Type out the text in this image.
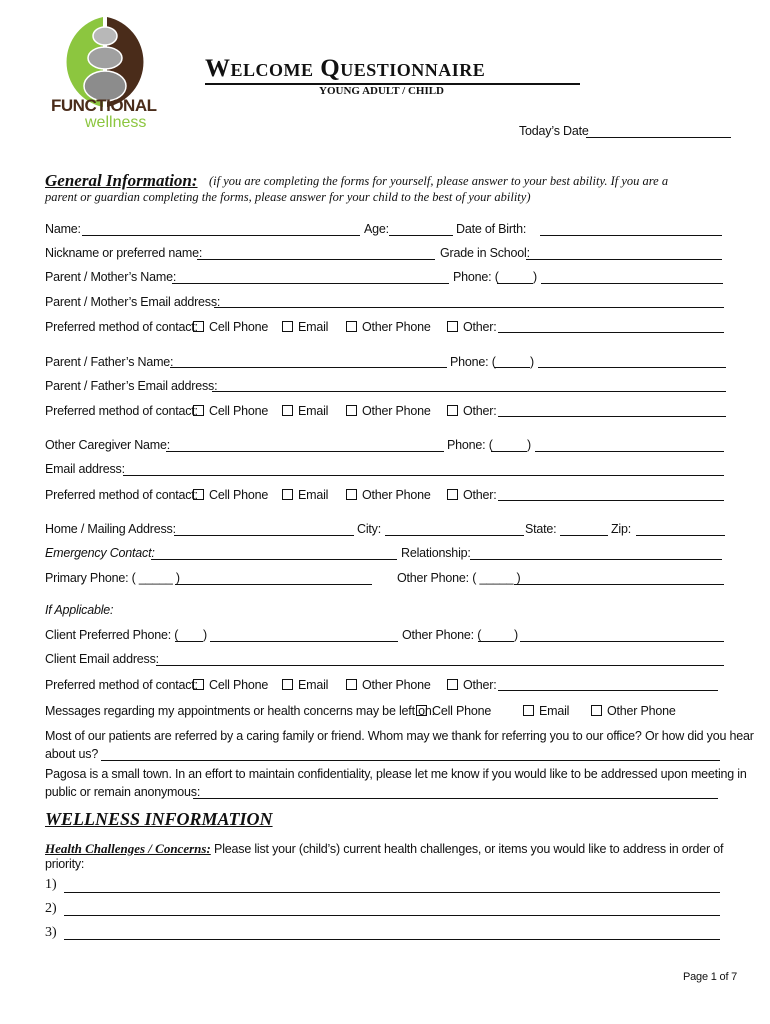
FUNCTIONAL
wellness
Welcome Questionnaire
YOUNG ADULT / CHILD
Today’s Date
General Information: (if you are completing the forms for yourself, please answer to your best ability. If you are a
parent or guardian completing the forms, please answer for your child to the best of your ability)
Name:	Age:	Date of Birth:
Nickname or preferred name:	Grade in School:
Parent / Mother’s Name:	Phone: (	)
Parent / Mother’s Email address:
Preferred method of contact: Cell Phone	Email	Other Phone	Other:
Parent / Father’s Name:	Phone: (	)
Parent / Father’s Email address:
Preferred method of contact: Cell Phone	Email	Other Phone	Other:
Other Caregiver Name:	Phone: (	)
Email address:
Preferred method of contact: Cell Phone	Email	Other Phone	Other:
Home / Mailing Address:	City:	State:	Zip:
Emergency Contact:	Relationship:
Primary Phone: ( _____ )	Other Phone: ( _____ )
If Applicable:
Client Preferred Phone: ( )	Other Phone: (	)
Client Email address:
Preferred method of contact: Cell Phone	Email	Other Phone	Other:
Messages regarding my appointments or health concerns may be left on:
Cell Phone	Email	Other Phone
Most of our patients are referred by a caring family or friend. Whom may we thank for referring you to our office? Or how did you hear
about us?
Pagosa is a small town. In an effort to maintain confidentiality, please let me know if you would like to be addressed upon meeting in
public or remain anonymous:
WELLNESS INFORMATION
Health Challenges / Concerns: Please list your (child’s) current health challenges, or items you would like to address in order of
priority:
1)
2)
3)
Page 1 of 7
